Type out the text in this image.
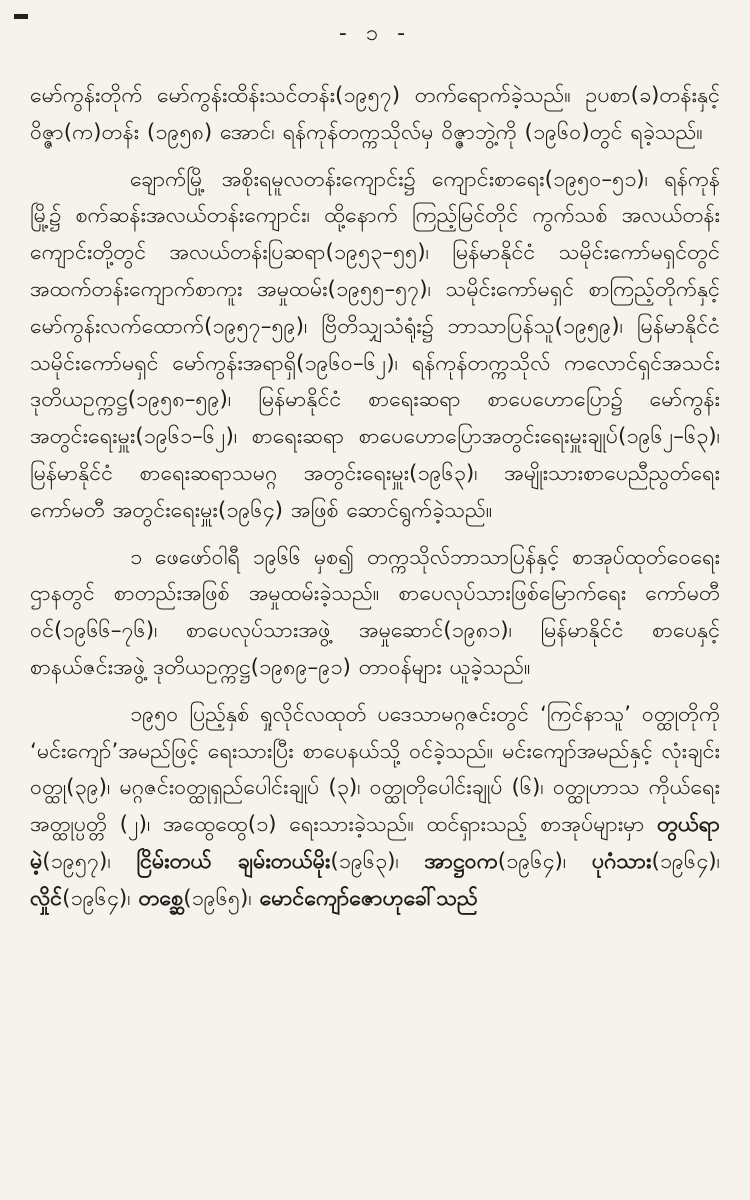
- ၁ -

မော်ကွန်းတိုက် မော်ကွန်းထိန်းသင်တန်း(၁၉၅၇) တက်ရောက်ခဲ့သည်။ ဥပစာ(ခ)တန်းနှင့် ဝိဇ္ဇာ(က)တန်း (၁၉၅၈) အောင်၊ ရန်ကုန်တက္ကသိုလ်မှ ဝိဇ္ဇာဘွဲ့ကို (၁၉၆၀)တွင် ရခဲ့သည်။

ချောက်မြို့ အစိုးရမူလတန်းကျောင်း၌ ကျောင်းစာရေး(၁၉၅၀–၅၁)၊ ရန်ကုန်မြို့၌ စက်ဆန်းအလယ်တန်းကျောင်း၊ ထို့နောက် ကြည့်မြင်တိုင် ကွက်သစ် အလယ်တန်းကျောင်းတို့တွင် အလယ်တန်းပြဆရာ(၁၉၅၃–၅၅)၊ မြန်မာနိုင်ငံ သမိုင်းကော်မရှင်တွင် အထက်တန်းကျောက်စာကူး အမှုထမ်း(၁၉၅၅–၅၇)၊ သမိုင်းကော်မရှင် စာကြည့်တိုက်နှင့် မော်ကွန်းလက်ထောက်(၁၉၅၇–၅၉)၊ ဗြိတိသျှသံရုံး၌ ဘာသာပြန်သူ(၁၉၅၉)၊ မြန်မာနိုင်ငံ သမိုင်းကော်မရှင် မော်ကွန်းအရာရှိ(၁၉၆၀–၆၂)၊ ရန်ကုန်တက္ကသိုလ် ကလောင်ရှင်အသင်း ဒုတိယဥက္ကဋ္ဌ(၁၉၅၈–၅၉)၊ မြန်မာနိုင်ငံ စာရေးဆရာ စာပေဟောပြော၌ မော်ကွန်းအတွင်းရေးမှူး(၁၉၆၁–၆၂)၊ စာရေးဆရာ စာပေဟောပြောအတွင်းရေးမှူးချုပ်(၁၉၆၂–၆၃)၊ မြန်မာနိုင်ငံ စာရေးဆရာသမဂ္ဂ အတွင်းရေးမှူး(၁၉၆၃)၊ အမျိုးသားစာပေညီညွတ်ရေး ကော်မတီ အတွင်းရေးမှူး(၁၉၆၄) အဖြစ် ဆောင်ရွက်ခဲ့သည်။

၁ ဖေဖော်ဝါရီ ၁၉၆၆ မှစ၍ တက္ကသိုလ်ဘာသာပြန်နှင့် စာအုပ်ထုတ်ဝေရေးဌာနတွင် စာတည်းအဖြစ် အမှုထမ်းခဲ့သည်။ စာပေလုပ်သားဖြစ်မြောက်ရေး ကော်မတီဝင်(၁၉၆၆–၇၆)၊ စာပေလုပ်သားအဖွဲ့ အမှုဆောင်(၁၉၈၁)၊ မြန်မာနိုင်ငံ စာပေနှင့် စာနယ်ဇင်းအဖွဲ့ ဒုတိယဥက္ကဋ္ဌ(၁၉၈၉–၉၁) တာဝန်များ ယူခဲ့သည်။

၁၉၅၀ ပြည့်နှစ် ရှုလိုင်လထုတ် ပဒေသာမဂ္ဂဇင်းတွင် ‘ကြင်နာသူ’ ဝတ္ထုတိုကို ‘မင်းကျော်’အမည်ဖြင့် ရေးသားပြီး စာပေနယ်သို့ ဝင်ခဲ့သည်။ မင်းကျော်အမည်နှင့် လုံးချင်းဝတ္ထု(၃၉)၊ မဂ္ဂဇင်းဝတ္ထုရှည်ပေါင်းချုပ် (၃)၊ ဝတ္ထုတိုပေါင်းချုပ် (၆)၊ ဝတ္ထုဟာသ ကိုယ်ရေးအတ္ထုပ္ပတ္တိ (၂)၊ အထွေထွေ(၁) ရေးသားခဲ့သည်။ ထင်ရှားသည့် စာအုပ်များမှာ တွယ်ရာမဲ့(၁၉၅၇)၊ ငြိမ်းတယ် ချမ်းတယ်မိုး(၁၉၆၃)၊ အာဋ္ဌဝက(၁၉၆၄)၊ ပုဂံသား(၁၉၆၄)၊ လှိုင်(၁၉၆၄)၊ တစ္ဆေ(၁၉၆၅)၊ မောင်ကျော်ဇောဟုခေါ်သည်
